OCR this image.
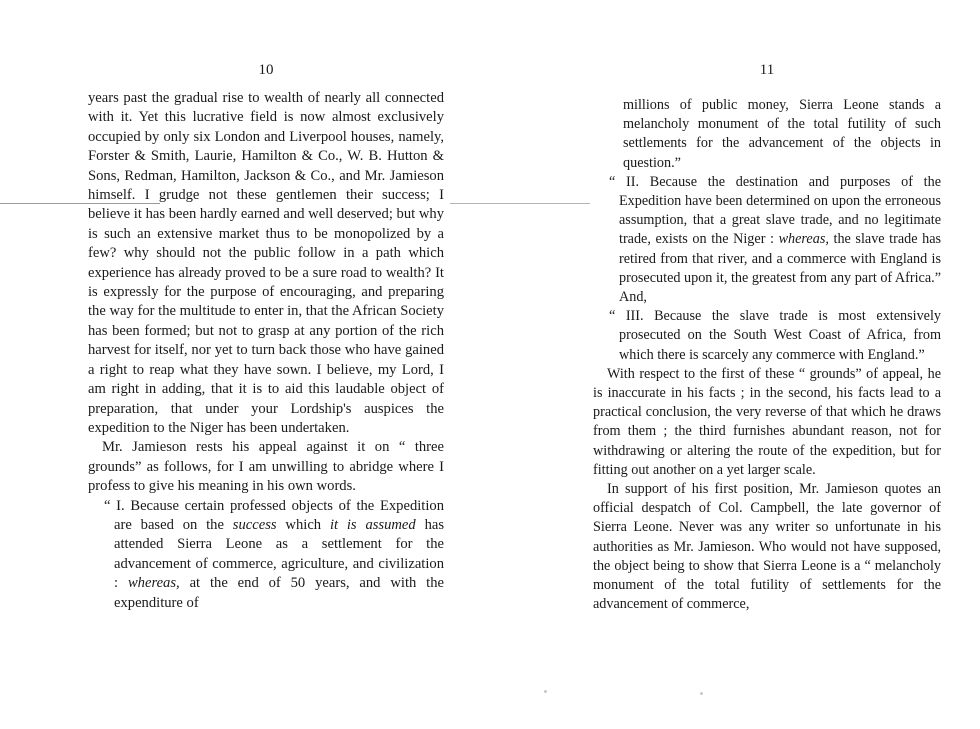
10

years past the gradual rise to wealth of nearly all connected with it. Yet this lucrative field is now almost exclusively occupied by only six London and Liverpool houses, namely, Forster & Smith, Laurie, Hamilton & Co., W. B. Hutton & Sons, Redman, Hamilton, Jackson & Co., and Mr. Jamieson himself. I grudge not these gentlemen their success; I believe it has been hardly earned and well deserved; but why is such an extensive market thus to be monopolized by a few? why should not the public follow in a path which experience has already proved to be a sure road to wealth? It is expressly for the purpose of encouraging, and preparing the way for the multitude to enter in, that the African Society has been formed; but not to grasp at any portion of the rich harvest for itself, nor yet to turn back those who have gained a right to reap what they have sown. I believe, my Lord, I am right in adding, that it is to aid this laudable object of preparation, that under your Lordship's auspices the expedition to the Niger has been undertaken.

Mr. Jamieson rests his appeal against it on “ three grounds” as follows, for I am unwilling to abridge where I profess to give his meaning in his own words.

“ I. Because certain professed objects of the Expedition are based on the success which it is assumed has attended Sierra Leone as a settlement for the advancement of commerce, agriculture, and civilization : whereas, at the end of 50 years, and with the expenditure of

11

millions of public money, Sierra Leone stands a melancholy monument of the total futility of such settlements for the advancement of the objects in question.”

“ II. Because the destination and purposes of the Expedition have been determined on upon the erroneous assumption, that a great slave trade, and no legitimate trade, exists on the Niger : whereas, the slave trade has retired from that river, and a commerce with England is prosecuted upon it, the greatest from any part of Africa.” And,

“ III. Because the slave trade is most extensively prosecuted on the South West Coast of Africa, from which there is scarcely any commerce with England.”

With respect to the first of these “ grounds” of appeal, he is inaccurate in his facts ; in the second, his facts lead to a practical conclusion, the very reverse of that which he draws from them ; the third furnishes abundant reason, not for withdrawing or altering the route of the expedition, but for fitting out another on a yet larger scale.

In support of his first position, Mr. Jamieson quotes an official despatch of Col. Campbell, the late governor of Sierra Leone. Never was any writer so unfortunate in his authorities as Mr. Jamieson. Who would not have supposed, the object being to show that Sierra Leone is a “ melancholy monument of the total futility of settlements for the advancement of commerce,
